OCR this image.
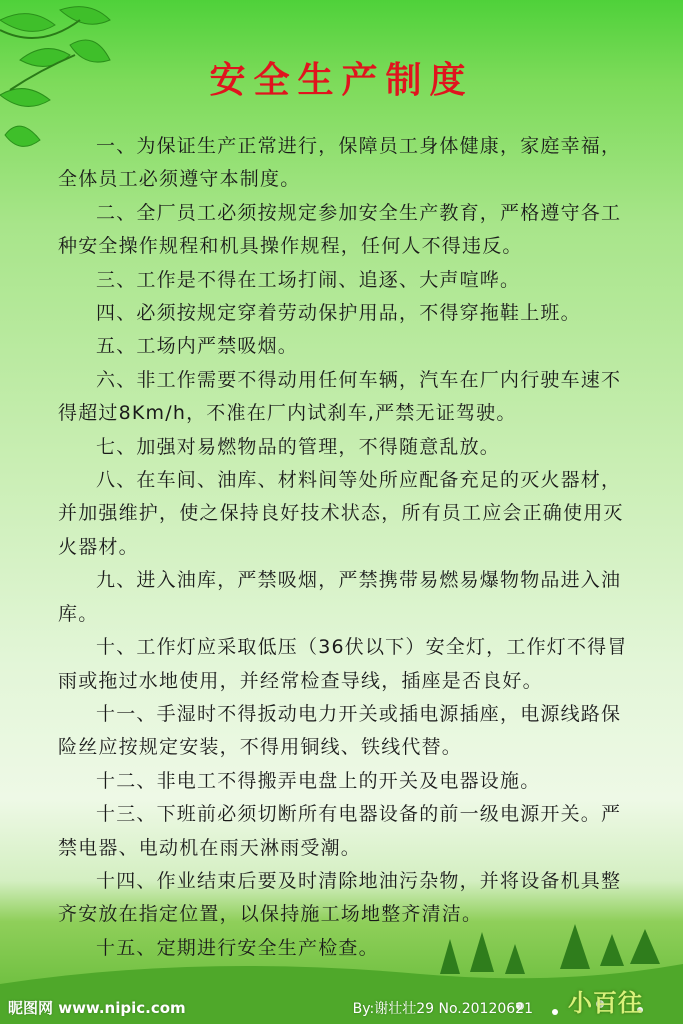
安全生产制度

一、为保证生产正常进行，保障员工身体健康，家庭幸福，全体员工必须遵守本制度。

二、全厂员工必须按规定参加安全生产教育，严格遵守各工种安全操作规程和机具操作规程，任何人不得违反。

三、工作是不得在工场打闹、追逐、大声喧哗。

四、必须按规定穿着劳动保护用品，不得穿拖鞋上班。

五、工场内严禁吸烟。

六、非工作需要不得动用任何车辆，汽车在厂内行驶车速不得超过8Km/h，不准在厂内试刹车,严禁无证驾驶。

七、加强对易燃物品的管理，不得随意乱放。

八、在车间、油库、材料间等处所应配备充足的灭火器材，并加强维护，使之保持良好技术状态，所有员工应会正确使用灭火器材。

九、进入油库，严禁吸烟，严禁携带易燃易爆物物品进入油库。

十、工作灯应采取低压（36伏以下）安全灯，工作灯不得冒雨或拖过水地使用，并经常检查导线，插座是否良好。

十一、手湿时不得扳动电力开关或插电源插座，电源线路保险丝应按规定安装，不得用铜线、铁线代替。

十二、非电工不得搬弄电盘上的开关及电器设施。

十三、下班前必须切断所有电器设备的前一级电源开关。严禁电器、电动机在雨天淋雨受潮。

十四、作业结束后要及时清除地油污杂物，并将设备机具整齐安放在指定位置，以保持施工场地整齐清洁。

十五、定期进行安全生产检查。

昵图网 www.nipic.com	By:谢壮壮29 No.20120621 小百往
